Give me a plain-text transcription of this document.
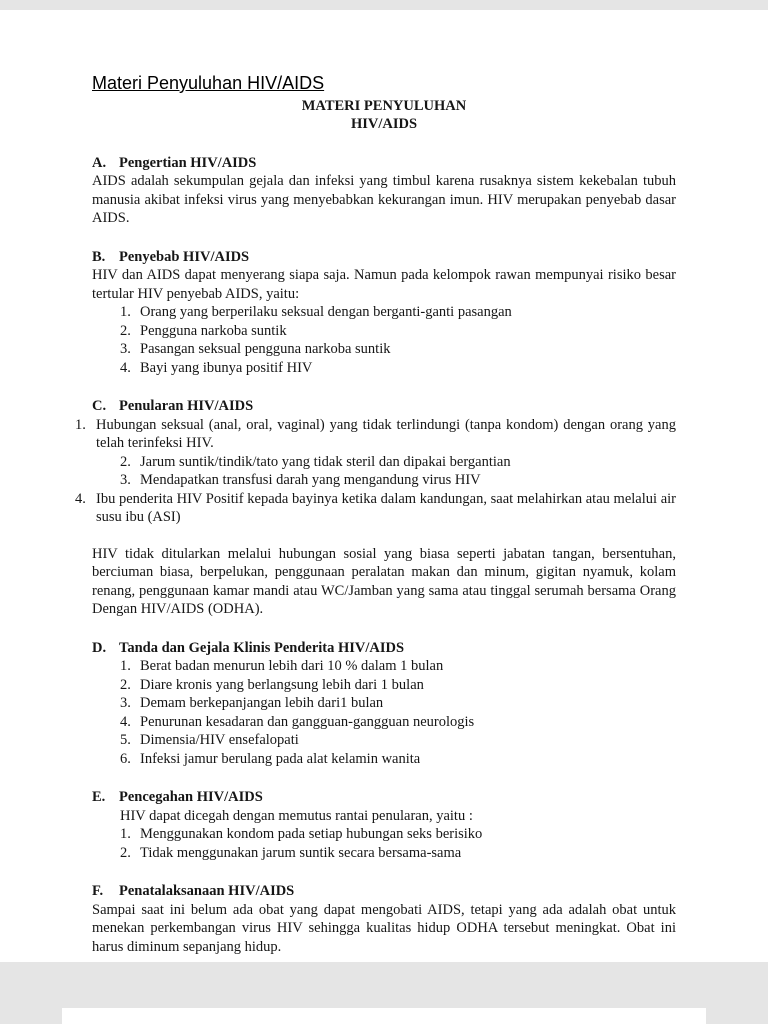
Materi Penyuluhan HIV/AIDS
MATERI PENYULUHAN
HIV/AIDS
A. Pengertian HIV/AIDS
AIDS adalah sekumpulan gejala dan infeksi yang timbul karena rusaknya sistem kekebalan tubuh manusia akibat infeksi virus yang menyebabkan kekurangan imun. HIV merupakan penyebab dasar AIDS.
B. Penyebab HIV/AIDS
HIV dan AIDS dapat menyerang siapa saja. Namun pada kelompok rawan mempunyai risiko besar tertular HIV penyebab AIDS, yaitu:
1. Orang yang berperilaku seksual dengan berganti-ganti pasangan
2. Pengguna narkoba suntik
3. Pasangan seksual pengguna narkoba suntik
4. Bayi yang ibunya positif HIV
C. Penularan HIV/AIDS
1. Hubungan seksual (anal, oral, vaginal) yang tidak terlindungi (tanpa kondom) dengan orang yang telah terinfeksi HIV.
2. Jarum suntik/tindik/tato yang tidak steril dan dipakai bergantian
3. Mendapatkan transfusi darah yang mengandung virus HIV
4. Ibu penderita HIV Positif kepada bayinya ketika dalam kandungan, saat melahirkan atau melalui air susu ibu (ASI)
HIV tidak ditularkan melalui hubungan sosial yang biasa seperti jabatan tangan, bersentuhan, berciuman biasa, berpelukan, penggunaan peralatan makan dan minum, gigitan nyamuk, kolam renang, penggunaan kamar mandi atau WC/Jamban yang sama atau tinggal serumah bersama Orang Dengan HIV/AIDS (ODHA).
D. Tanda dan Gejala Klinis Penderita HIV/AIDS
1. Berat badan menurun lebih dari 10 % dalam 1 bulan
2. Diare kronis yang berlangsung lebih dari 1 bulan
3. Demam berkepanjangan lebih dari1 bulan
4. Penurunan kesadaran dan gangguan-gangguan neurologis
5. Dimensia/HIV ensefalopati
6. Infeksi jamur berulang pada alat kelamin wanita
E. Pencegahan HIV/AIDS
HIV dapat dicegah dengan memutus rantai penularan, yaitu :
1. Menggunakan kondom pada setiap hubungan seks berisiko
2. Tidak menggunakan jarum suntik secara bersama-sama
F. Penatalaksanaan HIV/AIDS
Sampai saat ini belum ada obat yang dapat mengobati AIDS, tetapi yang ada adalah obat untuk menekan perkembangan virus HIV sehingga kualitas hidup ODHA tersebut meningkat. Obat ini harus diminum sepanjang hidup.
